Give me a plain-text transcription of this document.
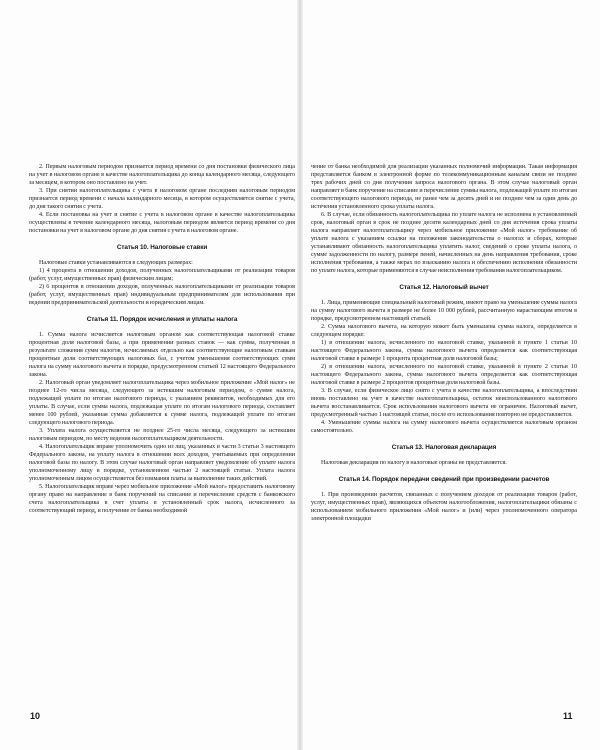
2. Первым налоговым периодом признается период времени со дня постановки физического лица на учет в налоговом органе в качестве налогоплательщика до конца календарного месяца, следующего за месяцем, в котором оно поставлено на учет.

3. При снятии налогоплательщика с учета в налоговом органе последним налоговым периодом признается период времени с начала календарного месяца, в котором осуществляется снятие с учета, до дня такого снятия с учета.

4. Если постановка на учет и снятие с учета в налоговом органе в качестве налогоплательщика осуществлены в течение календарного месяца, налоговым периодом является период времени со дня постановки на учет в налоговом органе до дня снятия с учета в налоговом органе.

Статья 10. Налоговые ставки

Налоговые ставки устанавливаются в следующих размерах:

1) 4 процента в отношении доходов, полученных налогоплательщиками от реализации товаров (работ, услуг, имущественных прав) физическим лицам;

2) 6 процентов в отношении доходов, полученных налогоплательщиками от реализации товаров (работ, услуг, имущественных прав) индивидуальным предпринимателям для использования при ведении предпринимательской деятельности и юридическим лицам.

Статья 11. Порядок исчисления и уплаты налога

1. Сумма налога исчисляется налоговым органом как соответствующая налоговой ставке процентная доля налоговой базы, а при применении разных ставок — как сумма, полученная в результате сложения сумм налогов, исчисляемых отдельно как соответствующие налоговым ставкам процентные доли соответствующих налоговых баз, с учетом уменьшения соответствующих сумм налога на сумму налогового вычета в порядке, предусмотренном статьей 12 настоящего Федерального закона.

2. Налоговый орган уведомляет налогоплательщика через мобильное приложение «Мой налог» не позднее 12-го числа месяца, следующего за истекшим налоговым периодом, о сумме налога, подлежащей уплате по итогам налогового периода, с указанием реквизитов, необходимых для его уплаты. В случае, если сумма налога, подлежащая уплате по итогам налогового периода, составляет менее 100 рублей, указанная сумма добавляется к сумме налога, подлежащей уплате по итогам следующего налогового периода.

3. Уплата налога осуществляется не позднее 25-го числа месяца, следующего за истекшим налоговым периодом, по месту ведения налогоплательщиком деятельности.

4. Налогоплательщик вправе уполномочить одно из лиц, указанных в части 3 статьи 3 настоящего Федерального закона, на уплату налога в отношении всех доходов, учитываемых при определении налоговой базы по налогу. В этом случае налоговый орган направляет уведомление об уплате налога уполномоченному лицу в порядке, установленном частью 2 настоящей статьи. Уплата налога уполномоченным лицом осуществляется без взимания платы за выполнение таких действий.

5. Налогоплательщик вправе через мобильное приложение «Мой налог» предоставить налоговому органу право на направление в банк поручений на списание и перечисление средств с банковского счета налогоплательщика в счет уплаты в установленный срок налога, исчисленного за соответствующий период, и получение от банка необходимой

чение от банка необходимой для реализации указанных полномочий информации. Такая информация представляется банком в электронной форме по телекоммуникационным каналам связи не позднее трех рабочих дней со дня получения запроса налогового органа. В этом случае налоговый орган направляет в банк поручение на списание и перечисление суммы налога, подлежащей уплате по итогам соответствующего налогового периода, не ранее чем за десять дней и не позднее чем за один день до истечения установленного срока уплаты налога.

6. В случае, если обязанность налогоплательщика по уплате налога не исполнена в установленный срок, налоговый орган в срок не позднее десяти календарных дней со дня истечения срока уплаты налога направляет налогоплательщику через мобильное приложение «Мой налог» требование об уплате налога с указанием ссылки на положения законодательства о налогах и сборах, которые устанавливают обязанность налогоплательщика уплатить налог, сведений о сроке уплаты налога, о сумме задолженности по налогу, размере пеней, начисленных на день направления требования, сроке исполнения требования, а также мерах по взысканию налога и обеспечению исполнения обязанности по уплате налога, которые применяются в случае неисполнения требования налогоплательщиком.

Статья 12. Налоговый вычет

1. Лица, применяющие специальный налоговый режим, имеют право на уменьшение суммы налога на сумму налогового вычета в размере не более 10 000 рублей, рассчитанную нарастающим итогом в порядке, предусмотренном настоящей статьей.

2. Сумма налогового вычета, на которую может быть уменьшена сумма налога, определяется в следующем порядке:

1) в отношении налога, исчисленного по налоговой ставке, указанной в пункте 1 статьи 10 настоящего Федерального закона, сумма налогового вычета определяется как соответствующая налоговой ставке в размере 1 процента процентная доля налоговой базы;

2) в отношении налога, исчисленного по налоговой ставке, указанной в пункте 2 статьи 10 настоящего Федерального закона, сумма налогового вычета определяется как соответствующая налоговой ставке в размере 2 процентов процентная доля налоговой базы.

3. В случае, если физическое лицо снято с учета в качестве налогоплательщика, а впоследствии вновь поставлено на учет в качестве налогоплательщика, остаток неиспользованного налогового вычета восстанавливается. Срок использования налогового вычета не ограничен. Налоговый вычет, предусмотренный частью 1 настоящей статьи, после его использования повторно не предоставляется.

4. Уменьшение суммы налога на сумму налогового вычета осуществляется налоговым органом самостоятельно.

Статья 13. Налоговая декларация

Налоговая декларация по налогу в налоговые органы не представляется.

Статья 14. Порядок передачи сведений при произведении расчетов

1. При произведении расчетов, связанных с получением доходов от реализации товаров (работ, услуг, имущественных прав), являющихся объектом налогообложения, налогоплательщики обязаны с использованием мобильного приложения «Мой налог» и (или) через уполномоченного оператора электронной площадки

10	11
